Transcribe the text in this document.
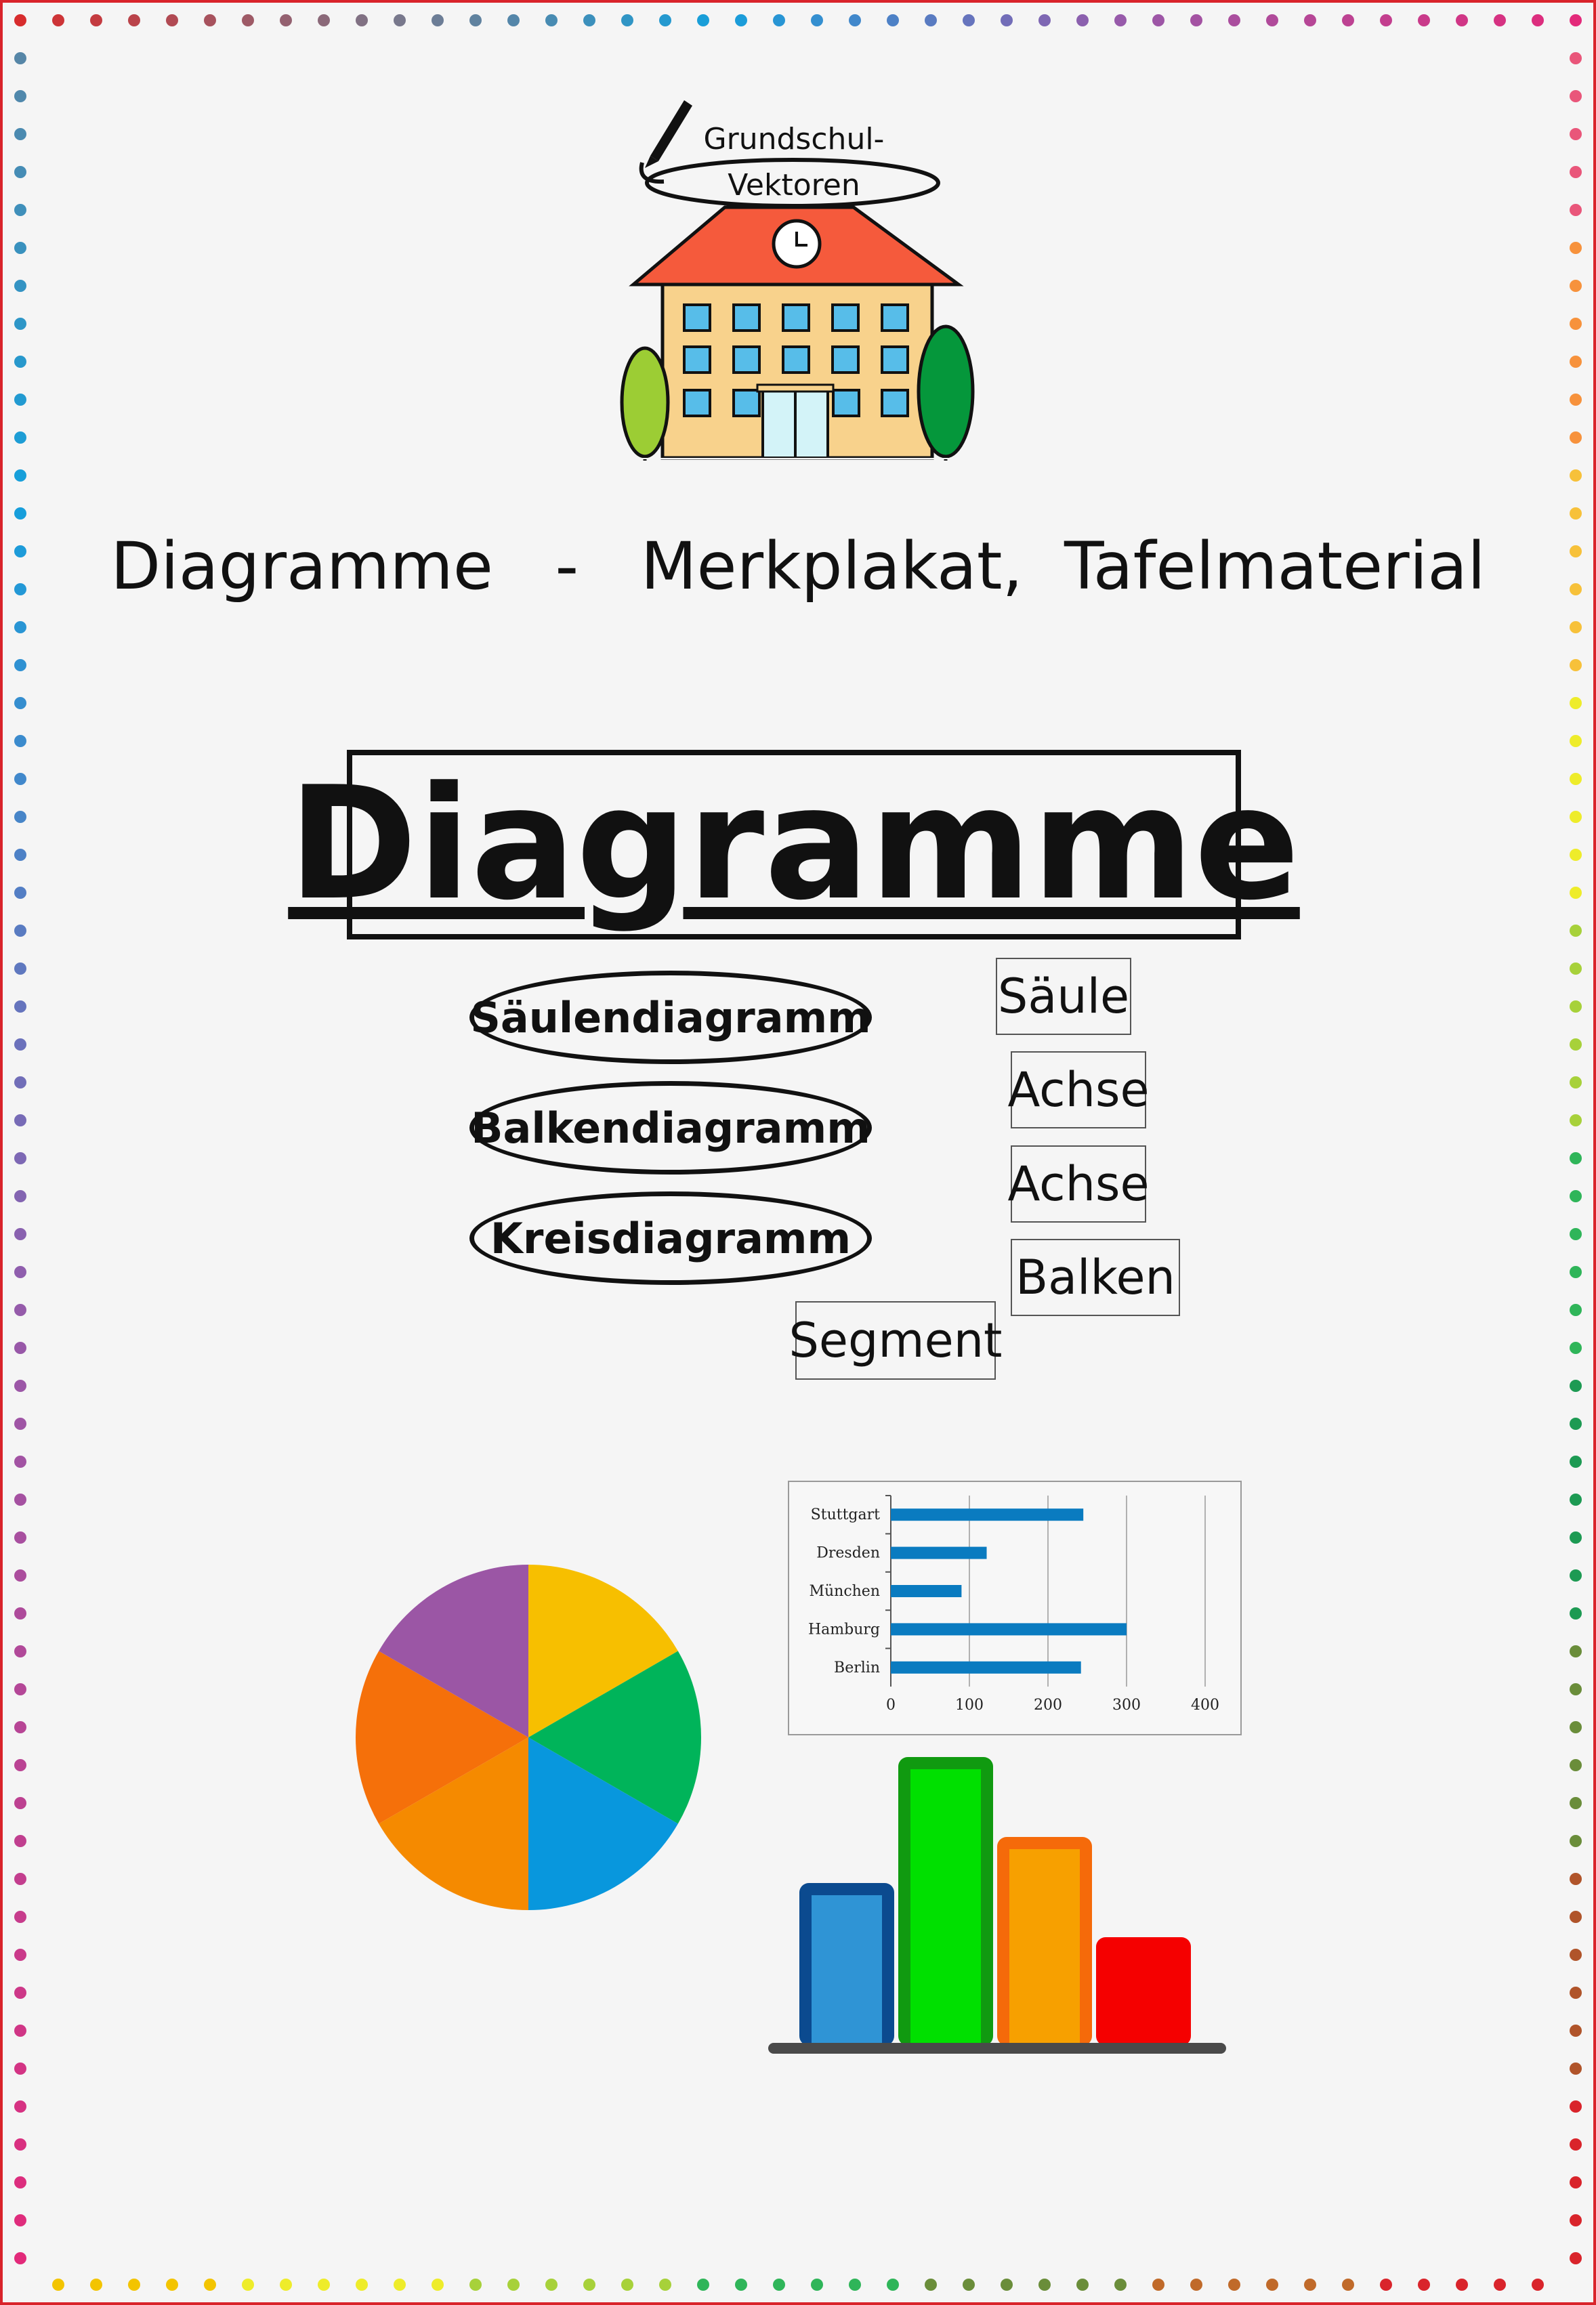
Grundschul-
Vektoren
Diagramme   -   Merkplakat,  Tafelmaterial
Diagramme
Säulendiagramm
Balkendiagramm
Kreisdiagramm
Säule
Achse
Achse
Balken
Segment
0	100	200	300	400
Stuttgart
Dresden
München
Hamburg
Berlin
